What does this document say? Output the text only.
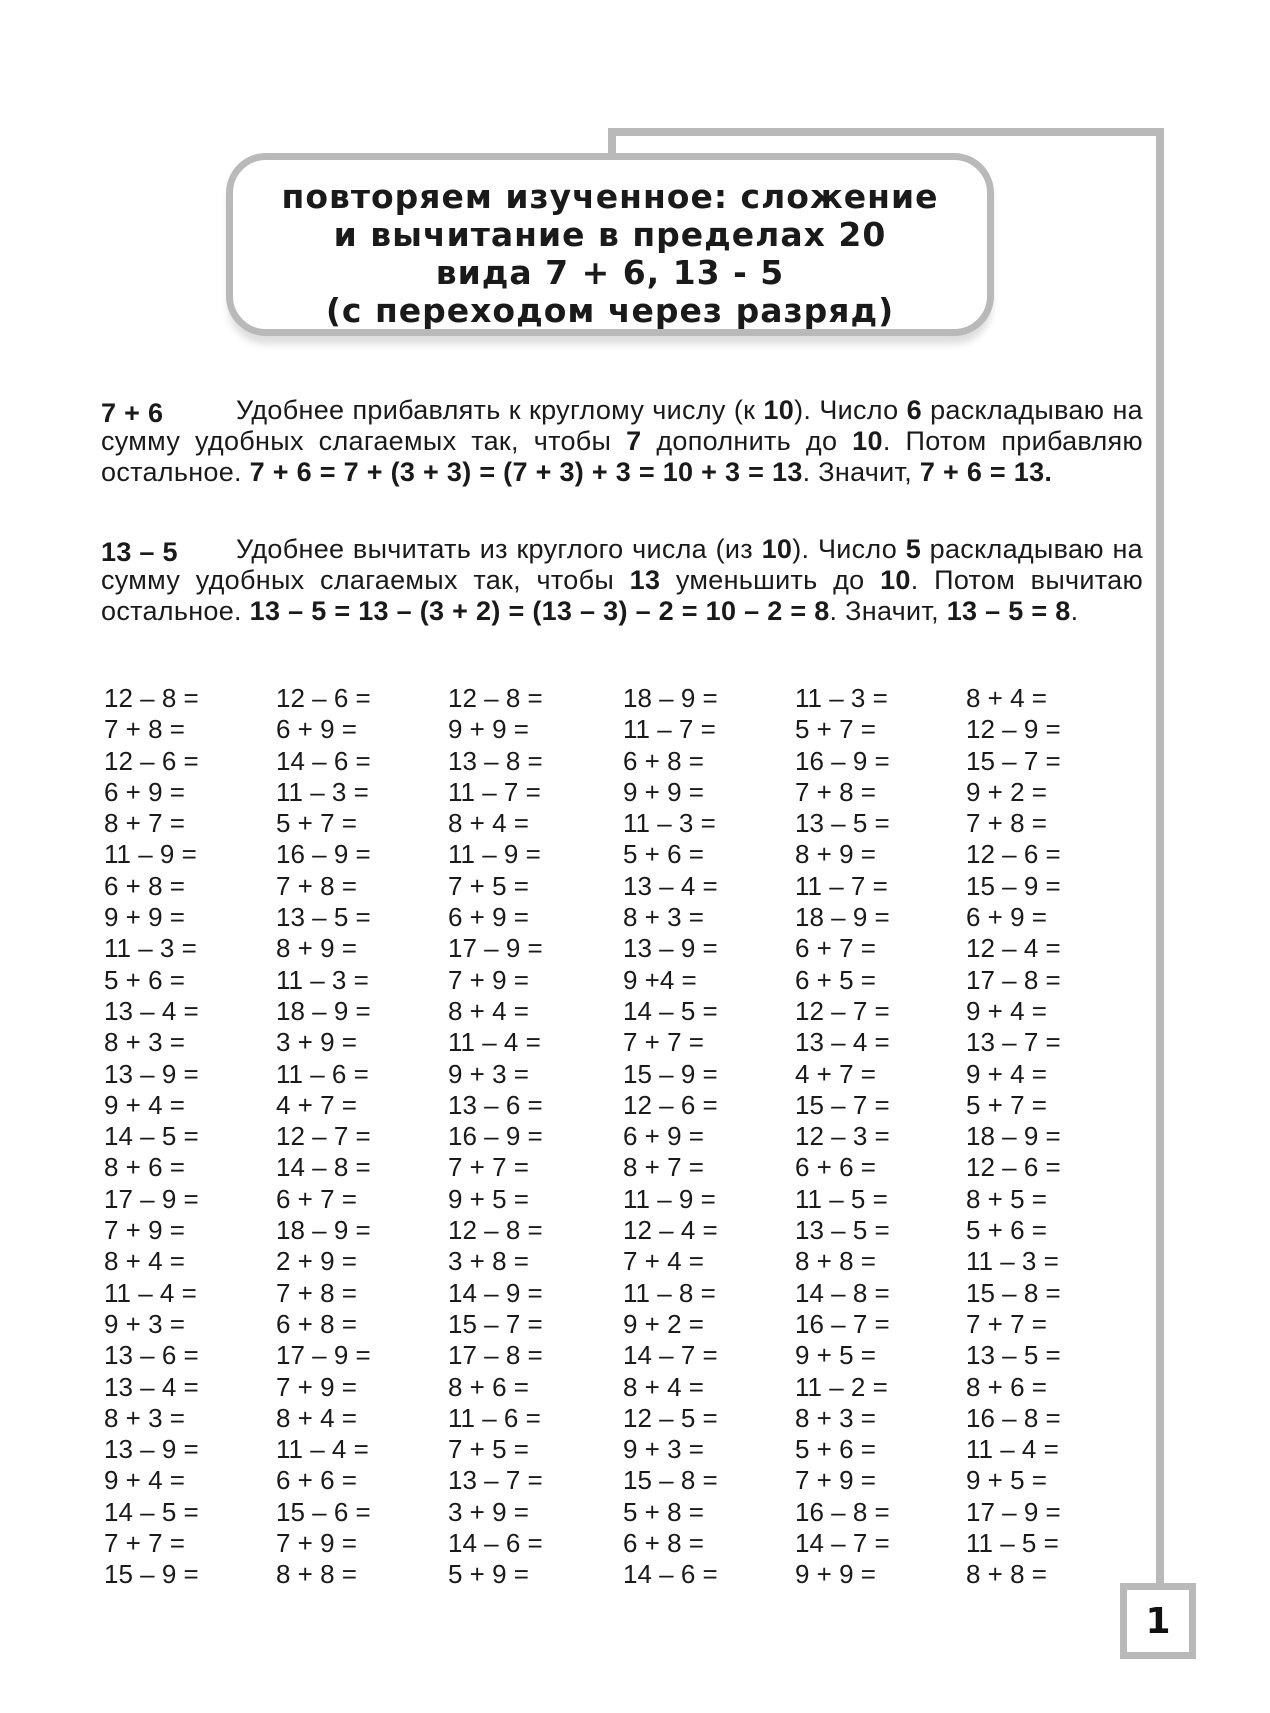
повторяем изученное: сложение
и вычитание в пределах 20
вида 7 + 6, 13 - 5
(с переходом через разряд)
7 + 6	Удобнее прибавлять к круглому числу (к 10). Число 6 раскладываю на сумму удобных слагаемых так, чтобы 7 дополнить до 10. Потом прибавляю остальное. 7 + 6 = 7 + (3 + 3) = (7 + 3) + 3 = 10 + 3 = 13. Значит, 7 + 6 = 13.

13 – 5	Удобнее вычитать из круглого числа (из 10). Число 5 раскладываю на сумму удобных слагаемых так, чтобы 13 уменьшить до 10. Потом вычитаю остальное. 13 – 5 = 13 – (3 + 2) = (13 – 3) – 2 = 10 – 2 = 8. Значит, 13 – 5 = 8.

12 – 8 =
7 + 8 =
12 – 6 =
6 + 9 =
8 + 7 =
11 – 9 =
6 + 8 =
9 + 9 =
11 – 3 =
5 + 6 =
13 – 4 =
8 + 3 =
13 – 9 =
9 + 4 =
14 – 5 =
8 + 6 =
17 – 9 =
7 + 9 =
8 + 4 =
11 – 4 =
9 + 3 =
13 – 6 =
13 – 4 =
8 + 3 =
13 – 9 =
9 + 4 =
14 – 5 =
7 + 7 =
15 – 9 =
12 – 6 =
6 + 9 =
14 – 6 =
11 – 3 =
5 + 7 =
16 – 9 =
7 + 8 =
13 – 5 =
8 + 9 =
11 – 3 =
18 – 9 =
3 + 9 =
11 – 6 =
4 + 7 =
12 – 7 =
14 – 8 =
6 + 7 =
18 – 9 =
2 + 9 =
7 + 8 =
6 + 8 =
17 – 9 =
7 + 9 =
8 + 4 =
11 – 4 =
6 + 6 =
15 – 6 =
7 + 9 =
8 + 8 =
12 – 8 =
9 + 9 =
13 – 8 =
11 – 7 =
8 + 4 =
11 – 9 =
7 + 5 =
6 + 9 =
17 – 9 =
7 + 9 =
8 + 4 =
11 – 4 =
9 + 3 =
13 – 6 =
16 – 9 =
7 + 7 =
9 + 5 =
12 – 8 =
3 + 8 =
14 – 9 =
15 – 7 =
17 – 8 =
8 + 6 =
11 – 6 =
7 + 5 =
13 – 7 =
3 + 9 =
14 – 6 =
5 + 9 =
18 – 9 =
11 – 7 =
6 + 8 =
9 + 9 =
11 – 3 =
5 + 6 =
13 – 4 =
8 + 3 =
13 – 9 =
9 +4 =
14 – 5 =
7 + 7 =
15 – 9 =
12 – 6 =
6 + 9 =
8 + 7 =
11 – 9 =
12 – 4 =
7 + 4 =
11 – 8 =
9 + 2 =
14 – 7 =
8 + 4 =
12 – 5 =
9 + 3 =
15 – 8 =
5 + 8 =
6 + 8 =
14 – 6 =
11 – 3 =
5 + 7 =
16 – 9 =
7 + 8 =
13 – 5 =
8 + 9 =
11 – 7 =
18 – 9 =
6 + 7 =
6 + 5 =
12 – 7 =
13 – 4 =
4 + 7 =
15 – 7 =
12 – 3 =
6 + 6 =
11 – 5 =
13 – 5 =
8 + 8 =
14 – 8 =
16 – 7 =
9 + 5 =
11 – 2 =
8 + 3 =
5 + 6 =
7 + 9 =
16 – 8 =
14 – 7 =
9 + 9 =
8 + 4 =
12 – 9 =
15 – 7 =
9 + 2 =
7 + 8 =
12 – 6 =
15 – 9 =
6 + 9 =
12 – 4 =
17 – 8 =
9 + 4 =
13 – 7 =
9 + 4 =
5 + 7 =
18 – 9 =
12 – 6 =
8 + 5 =
5 + 6 =
11 – 3 =
15 – 8 =
7 + 7 =
13 – 5 =
8 + 6 =
16 – 8 =
11 – 4 =
9 + 5 =
17 – 9 =
11 – 5 =
8 + 8 =
1
